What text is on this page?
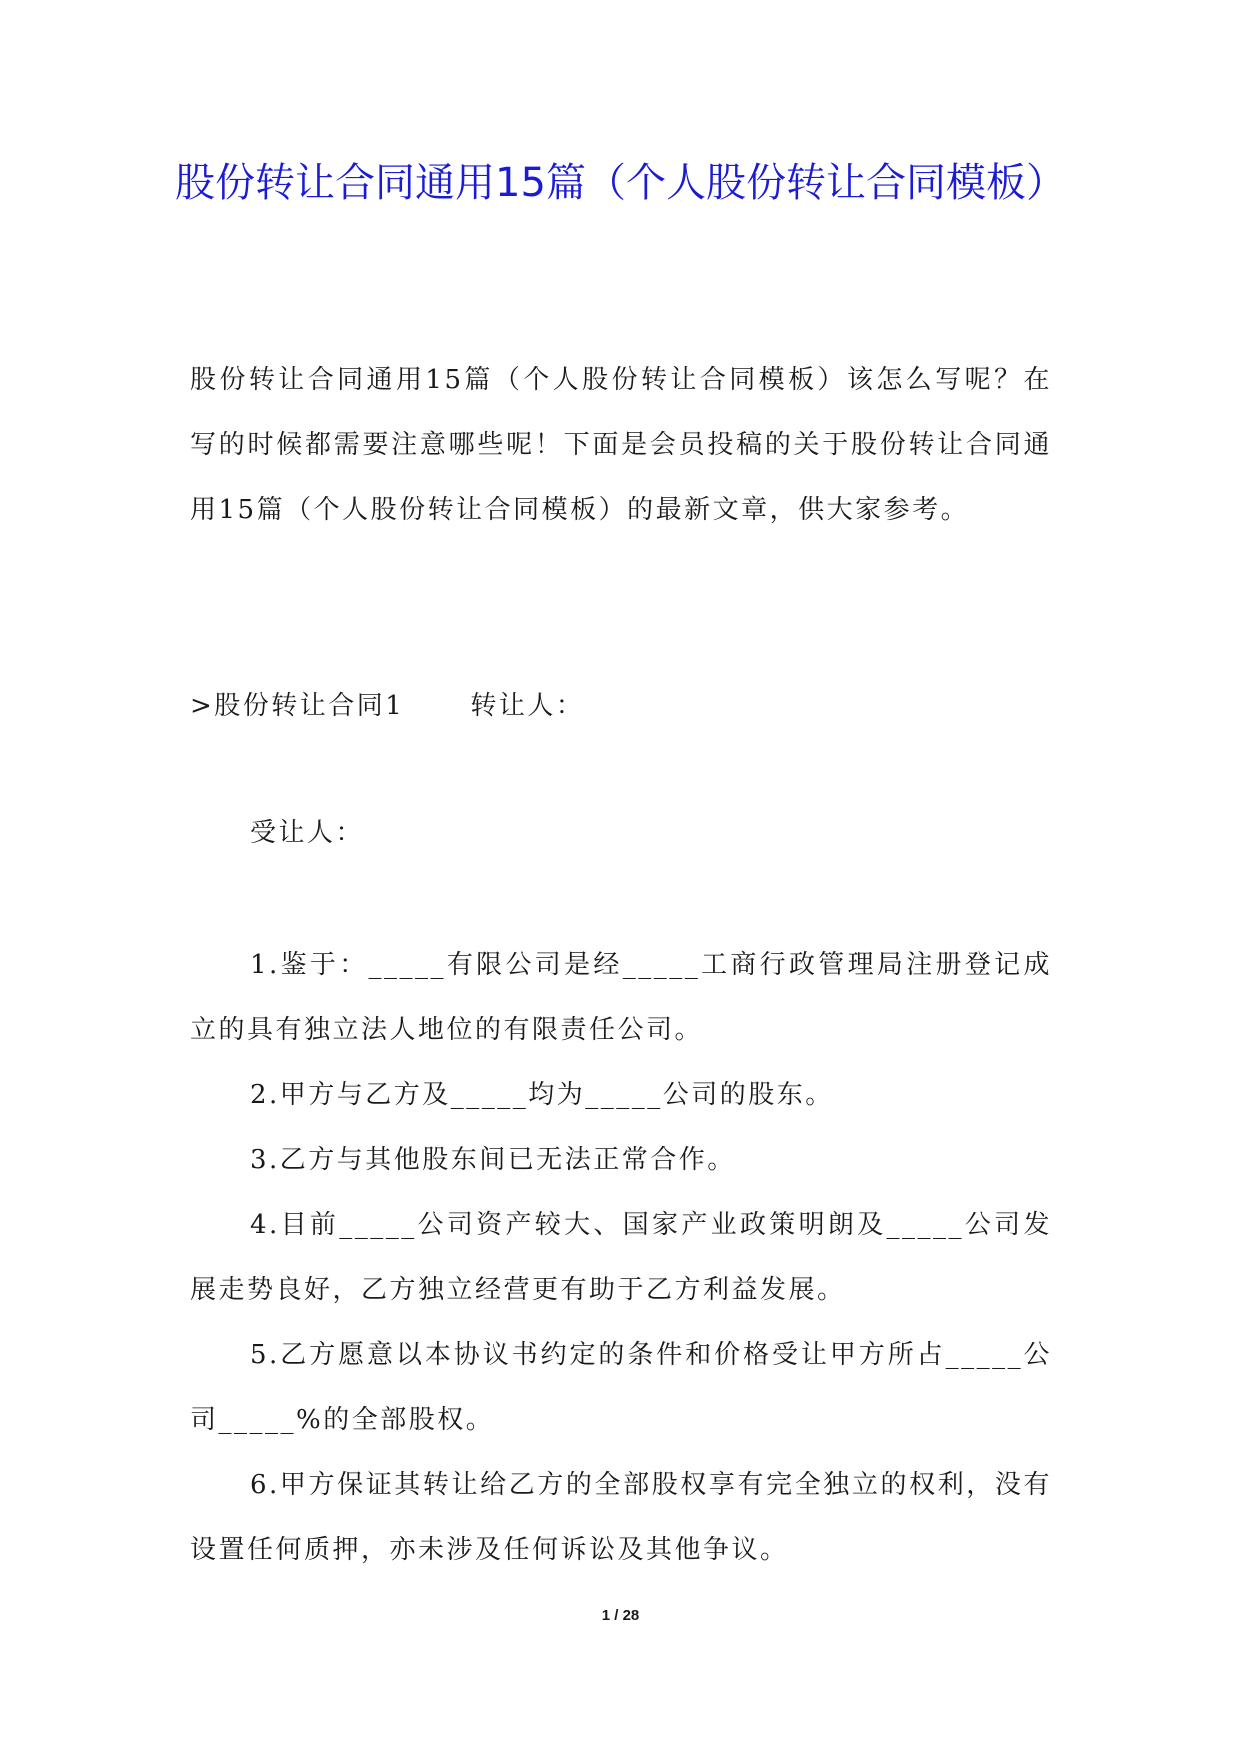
股份转让合同通用15篇（个人股份转让合同模板）

股份转让合同通用15篇（个人股份转让合同模板）该怎么写呢？在写的时候都需要注意哪些呢！下面是会员投稿的关于股份转让合同通用15篇（个人股份转让合同模板）的最新文章，供大家参考。

>股份转让合同1	转让人：

受让人：

1.鉴于：_____有限公司是经_____工商行政管理局注册登记成立的具有独立法人地位的有限责任公司。

2.甲方与乙方及_____均为_____公司的股东。

3.乙方与其他股东间已无法正常合作。

4.目前_____公司资产较大、国家产业政策明朗及_____公司发展走势良好，乙方独立经营更有助于乙方利益发展。

5.乙方愿意以本协议书约定的条件和价格受让甲方所占_____公司_____%的全部股权。

6.甲方保证其转让给乙方的全部股权享有完全独立的权利，没有设置任何质押，亦未涉及任何诉讼及其他争议。

1 / 28
